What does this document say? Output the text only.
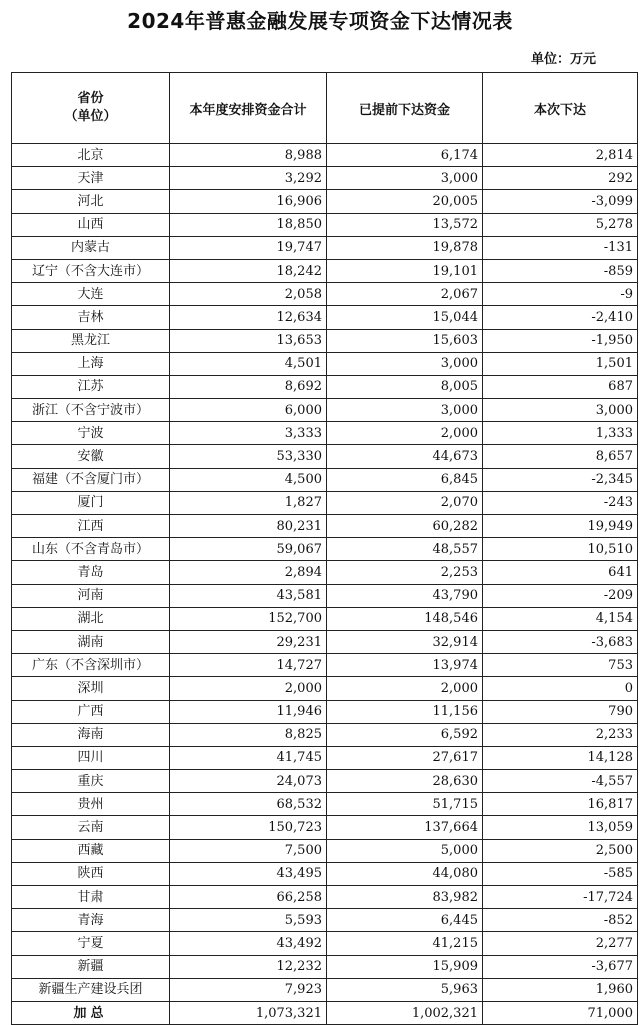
2024年普惠金融发展专项资金下达情况表
单位：万元
省份
（单位）	本年度安排资金合计	已提前下达资金	本次下达
北京	8,988	6,174	2,814
天津	3,292	3,000	292
河北	16,906	20,005	-3,099
山西	18,850	13,572	5,278
内蒙古	19,747	19,878	-131
辽宁（不含大连市）	18,242	19,101	-859
大连	2,058	2,067	-9
吉林	12,634	15,044	-2,410
黑龙江	13,653	15,603	-1,950
上海	4,501	3,000	1,501
江苏	8,692	8,005	687
浙江（不含宁波市）	6,000	3,000	3,000
宁波	3,333	2,000	1,333
安徽	53,330	44,673	8,657
福建（不含厦门市）	4,500	6,845	-2,345
厦门	1,827	2,070	-243
江西	80,231	60,282	19,949
山东（不含青岛市）	59,067	48,557	10,510
青岛	2,894	2,253	641
河南	43,581	43,790	-209
湖北	152,700	148,546	4,154
湖南	29,231	32,914	-3,683
广东（不含深圳市）	14,727	13,974	753
深圳	2,000	2,000	0
广西	11,946	11,156	790
海南	8,825	6,592	2,233
四川	41,745	27,617	14,128
重庆	24,073	28,630	-4,557
贵州	68,532	51,715	16,817
云南	150,723	137,664	13,059
西藏	7,500	5,000	2,500
陕西	43,495	44,080	-585
甘肃	66,258	83,982	-17,724
青海	5,593	6,445	-852
宁夏	43,492	41,215	2,277
新疆	12,232	15,909	-3,677
新疆生产建设兵团	7,923	5,963	1,960
加总	1,073,321	1,002,321	71,000
